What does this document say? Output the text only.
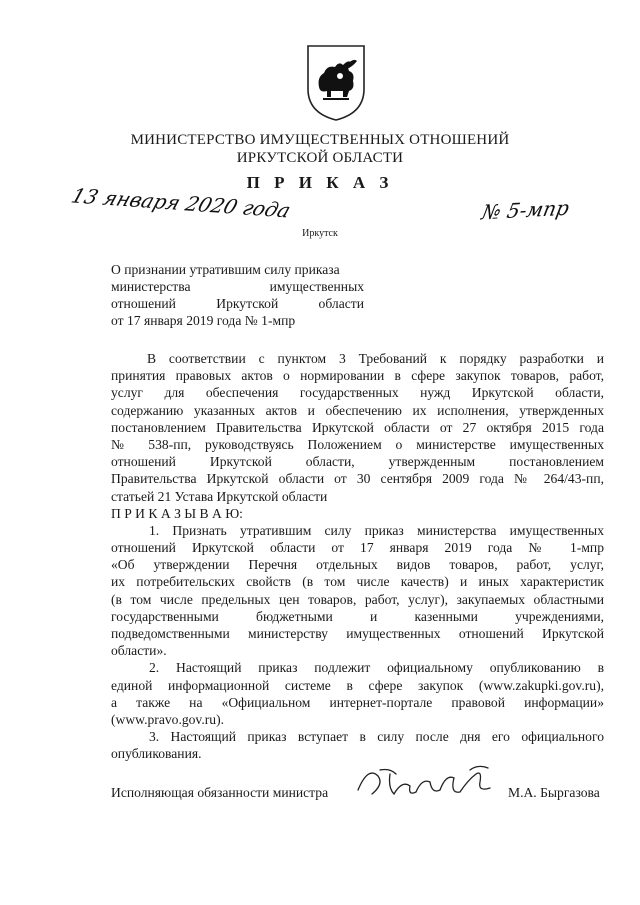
МИНИСТЕРСТВО ИМУЩЕСТВЕННЫХ ОТНОШЕНИЙ
ИРКУТСКОЙ ОБЛАСТИ
П Р И К А З
13 января 2020 года	№ 5-мпр
Иркутск
О признании утратившим силу приказа
министерства имущественных
отношений Иркутской области
от 17 января 2019 года № 1-мпр
В соответствии с пунктом 3 Требований к порядку разработки и
принятия правовых актов о нормировании в сфере закупок товаров, работ,
услуг для обеспечения государственных нужд Иркутской области,
содержанию указанных актов и обеспечению их исполнения, утвержденных
постановлением Правительства Иркутской области от 27 октября 2015 года
№ 538-пп, руководствуясь Положением о министерстве имущественных
отношений Иркутской области, утвержденным постановлением
Правительства Иркутской области от 30 сентября 2009 года № 264/43-пп,
статьей 21 Устава Иркутской области
П Р И К А З Ы В А Ю:
1. Признать утратившим силу приказ министерства имущественных
отношений Иркутской области от 17 января 2019 года № 1-мпр
«Об утверждении Перечня отдельных видов товаров, работ, услуг,
их потребительских свойств (в том числе качеств) и иных характеристик
(в том числе предельных цен товаров, работ, услуг), закупаемых областными
государственными бюджетными и казенными учреждениями,
подведомственными министерству имущественных отношений Иркутской
области».
2. Настоящий приказ подлежит официальному опубликованию в
единой информационной системе в сфере закупок (www.zakupki.gov.ru),
а также на «Официальном интернет-портале правовой информации»
(www.pravo.gov.ru).
3. Настоящий приказ вступает в силу после дня его официального
опубликования.
Исполняющая обязанности министра	М.А. Быргазова
